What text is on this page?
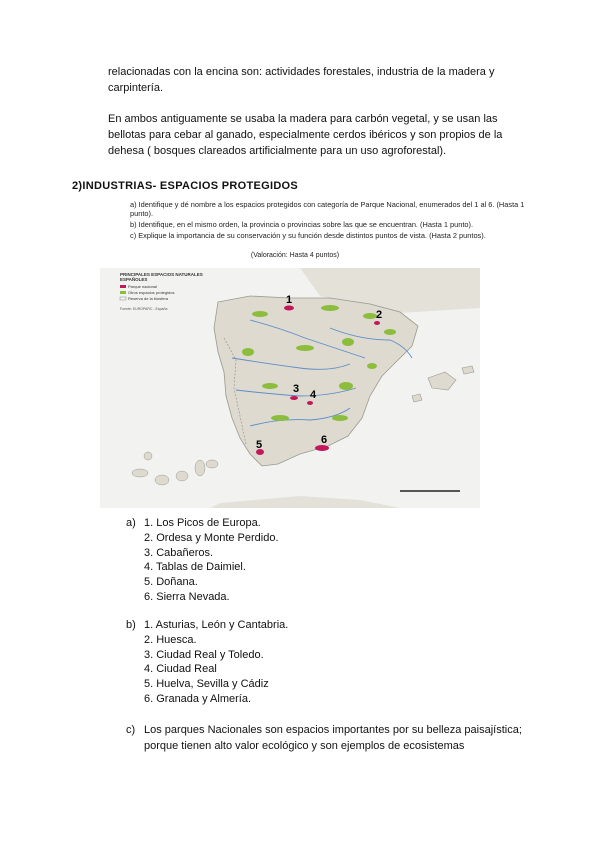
relacionadas con la encina son: actividades forestales, industria de la madera y carpintería.

En ambos antiguamente se usaba la madera para carbón vegetal, y se usan las bellotas para cebar al ganado, especialmente cerdos ibéricos y son propios de la dehesa ( bosques clareados artificialmente para un uso agroforestal).

2)INDUSTRIAS- ESPACIOS PROTEGIDOS
a) Identifique y dé nombre a los espacios protegidos con categoría de Parque Nacional, enumerados del 1 al 6. (Hasta 1
punto).
b) Identifique, en el mismo orden, la provincia o provincias sobre las que se encuentran. (Hasta 1 punto).
c) Explique la importancia de su conservación y su función desde distintos puntos de vista. (Hasta 2 puntos).
(Valoración: Hasta 4 puntos)
1
2
3 4
5	6
PRINCIPALES ESPACIOS NATURALES
ESPAÑOLES
Parque nacional
Otros espacios protegidos
Reserva de la biosfera
Fuente: EUROPARC - España
a) 1. Los Picos de Europa.
2. Ordesa y Monte Perdido.
3. Cabañeros.
4. Tablas de Daimiel.
5. Doñana.
6. Sierra Nevada.
b) 1. Asturias, León y Cantabria.
2. Huesca.
3. Ciudad Real y Toledo.
4. Ciudad Real
5. Huelva, Sevilla y Cádiz
6. Granada y Almería.
c) Los parques Nacionales son espacios importantes por su belleza paisajística; porque tienen alto valor ecológico y son ejemplos de ecosistemas
